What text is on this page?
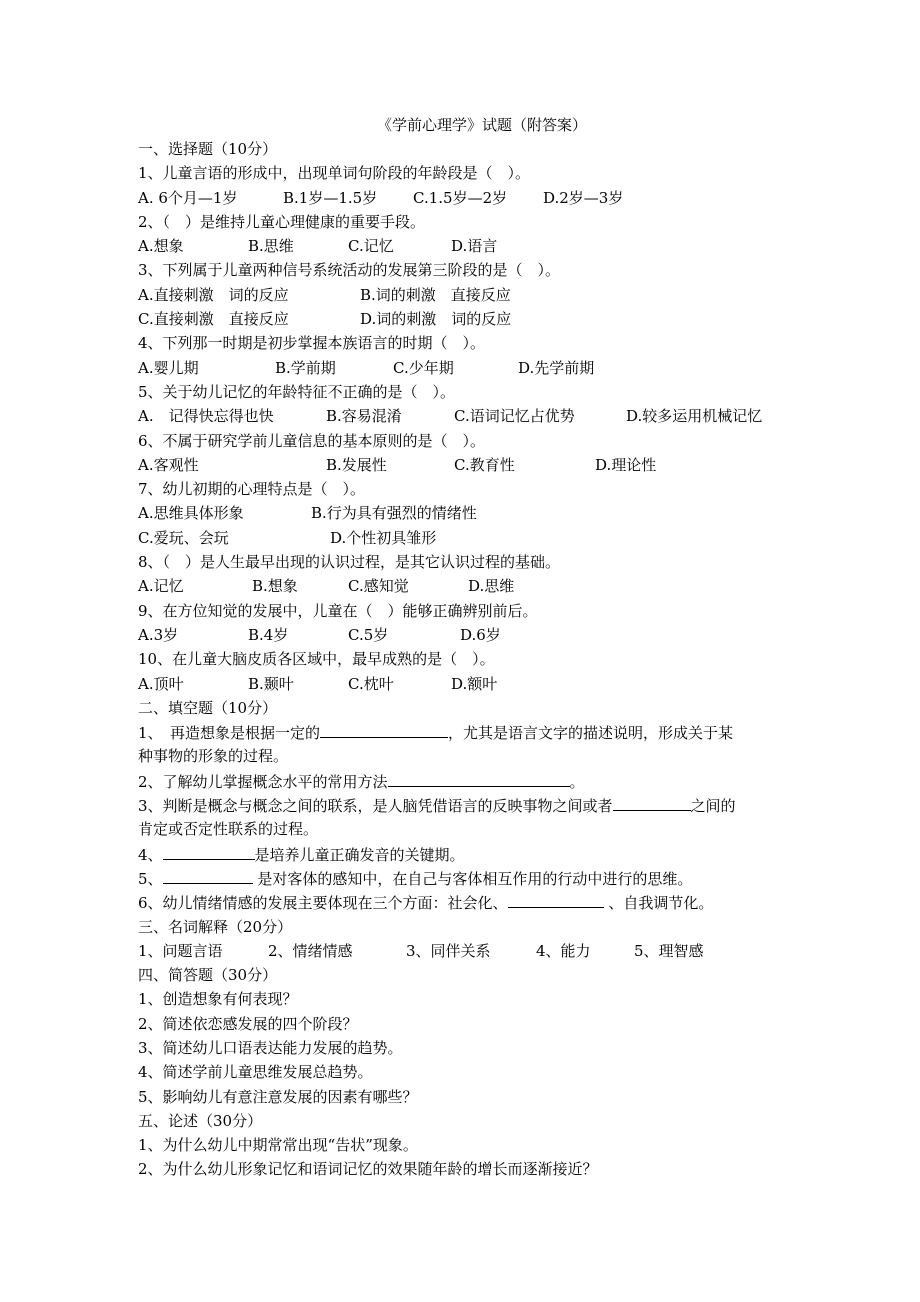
《学前心理学》试题（附答案）
一、选择题（10分）
1、儿童言语的形成中，出现单词句阶段的年龄段是（　）。
A. 6个月—1岁	B.1岁—1.5岁	C.1.5岁—2岁	D.2岁—3岁
2、（　）是维持儿童心理健康的重要手段。
A.想象	B.思维	C.记忆	D.语言
3、下列属于儿童两种信号系统活动的发展第三阶段的是（　）。
A.直接刺激　词的反应	B.词的刺激　直接反应
C.直接刺激　直接反应	D.词的刺激　词的反应
4、下列那一时期是初步掌握本族语言的时期（　）。
A.婴儿期	B.学前期	C.少年期	D.先学前期
5、关于幼儿记忆的年龄特征不正确的是（　）。
A.　记得快忘得也快	B.容易混淆	C.语词记忆占优势	D.较多运用机械记忆
6、不属于研究学前儿童信息的基本原则的是（　）。
A.客观性	B.发展性	C.教育性	D.理论性
7、幼儿初期的心理特点是（　）。
A.思维具体形象	B.行为具有强烈的情绪性
C.爱玩、会玩	D.个性初具雏形
8、（　）是人生最早出现的认识过程，是其它认识过程的基础。
A.记忆	B.想象	C.感知觉	D.思维
9、在方位知觉的发展中，儿童在（　）能够正确辨别前后。
A.3岁	B.4岁	C.5岁	D.6岁
10、在儿童大脑皮质各区域中，最早成熟的是（　）。
A.顶叶	B.颞叶	C.枕叶	D.额叶
二、填空题（10分）
1、　再造想象是根据一定的	，尤其是语言文字的描述说明，形成关于某
种事物的形象的过程。
2、了解幼儿掌握概念水平的常用方法	。
3、判断是概念与概念之间的联系，是人脑凭借语言的反映事物之间或者	之间的
肯定或否定性联系的过程。
4、	是培养儿童正确发音的关键期。
5、	是对客体的感知中，在自己与客体相互作用的行动中进行的思维。
6、幼儿情绪情感的发展主要体现在三个方面：社会化、	、自我调节化。
三、名词解释（20分）
1、问题言语	2、情绪情感	3、同伴关系	4、能力	5、理智感
四、简答题（30分）
1、创造想象有何表现？
2、简述依恋感发展的四个阶段？
3、简述幼儿口语表达能力发展的趋势。
4、简述学前儿童思维发展总趋势。
5、影响幼儿有意注意发展的因素有哪些？
五、论述（30分）
1、为什么幼儿中期常常出现“告状”现象。
2、为什么幼儿形象记忆和语词记忆的效果随年龄的增长而逐渐接近？
